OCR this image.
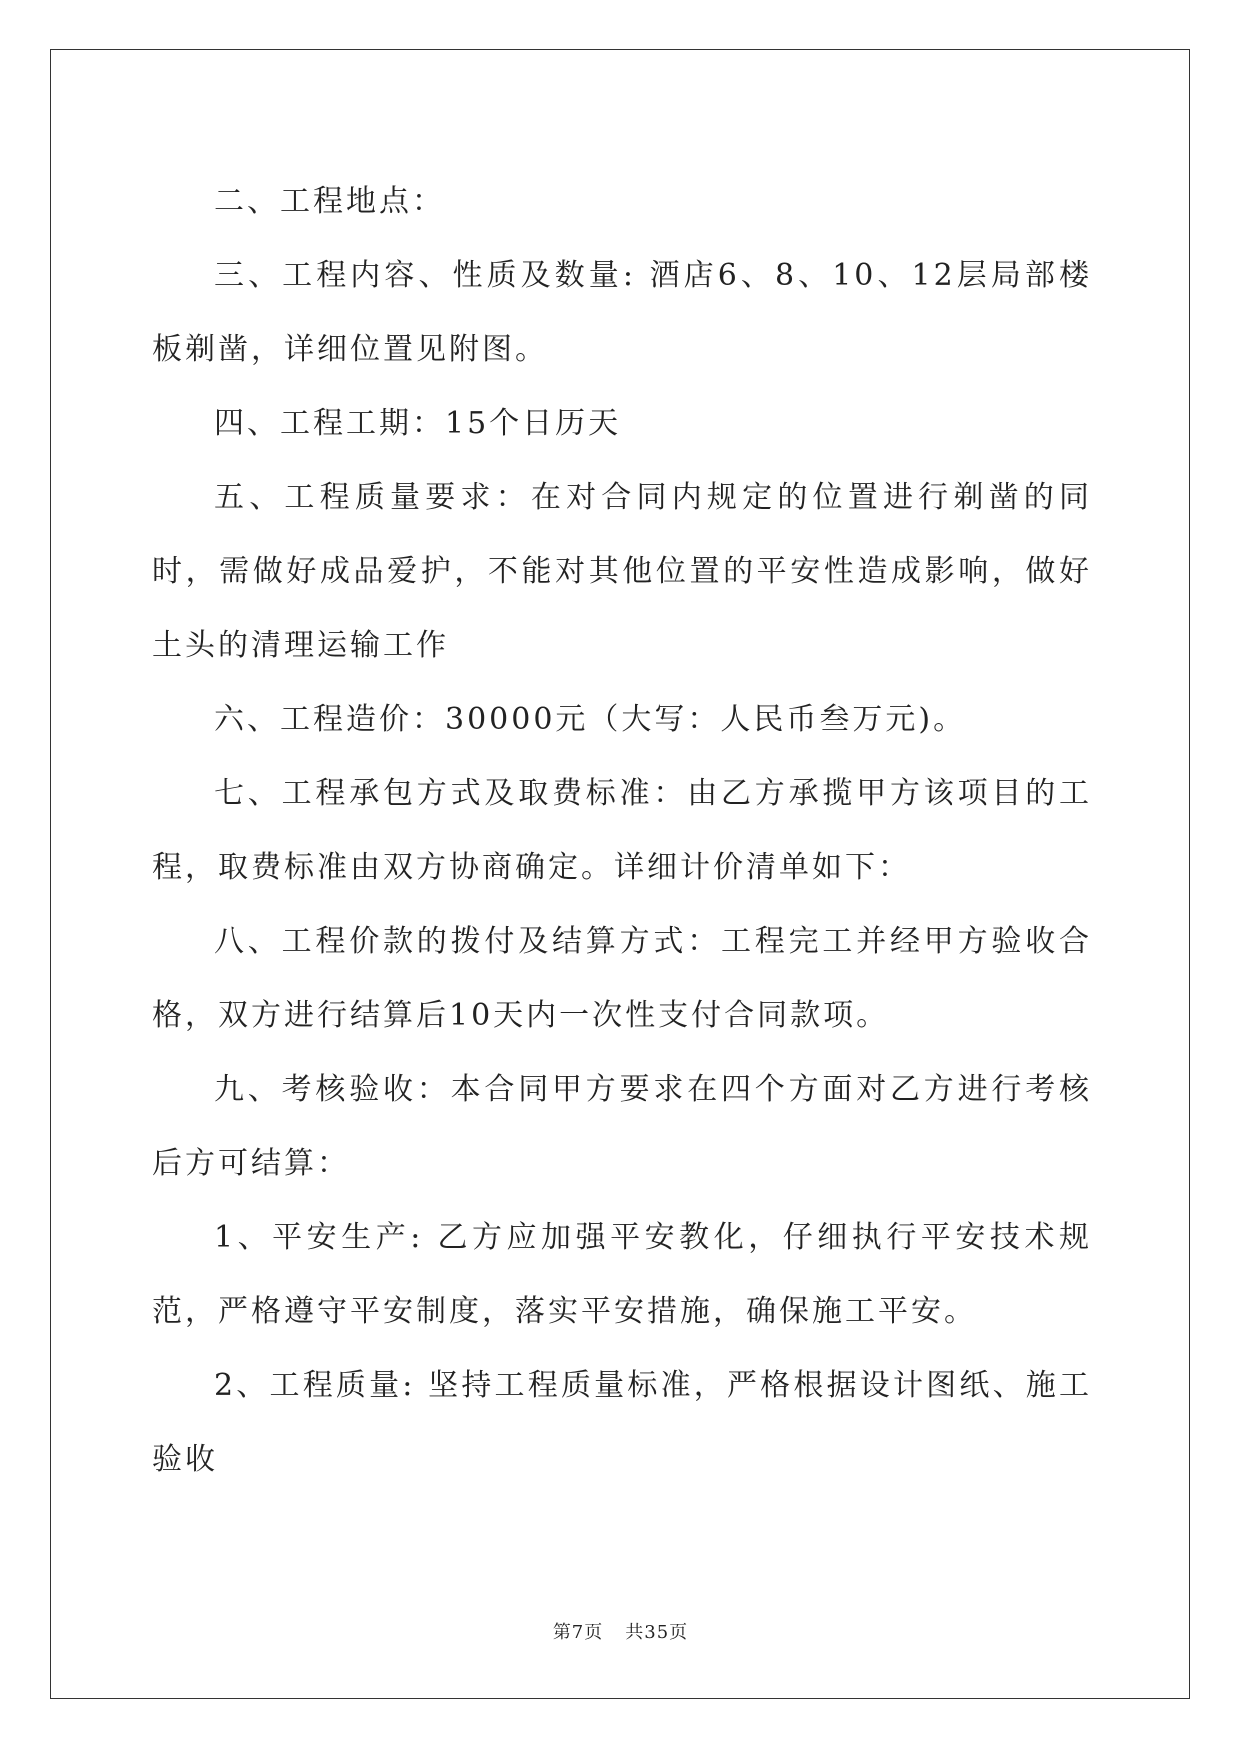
二、工程地点：

三、工程内容、性质及数量: 酒店6、8、10、12层局部楼板剃凿，详细位置见附图。

四、工程工期：15个日历天

五、工程质量要求：在对合同内规定的位置进行剃凿的同时，需做好成品爱护，不能对其他位置的平安性造成影响，做好土头的清理运输工作

六、工程造价：30000元（大写：人民币叁万元)。

七、工程承包方式及取费标准：由乙方承揽甲方该项目的工程，取费标准由双方协商确定。详细计价清单如下：

八、工程价款的拨付及结算方式：工程完工并经甲方验收合格，双方进行结算后10天内一次性支付合同款项。

九、考核验收：本合同甲方要求在四个方面对乙方进行考核后方可结算：

1、平安生产: 乙方应加强平安教化，仔细执行平安技术规范，严格遵守平安制度，落实平安措施，确保施工平安。

2、工程质量: 坚持工程质量标准，严格根据设计图纸、施工验收

第7页 共35页
